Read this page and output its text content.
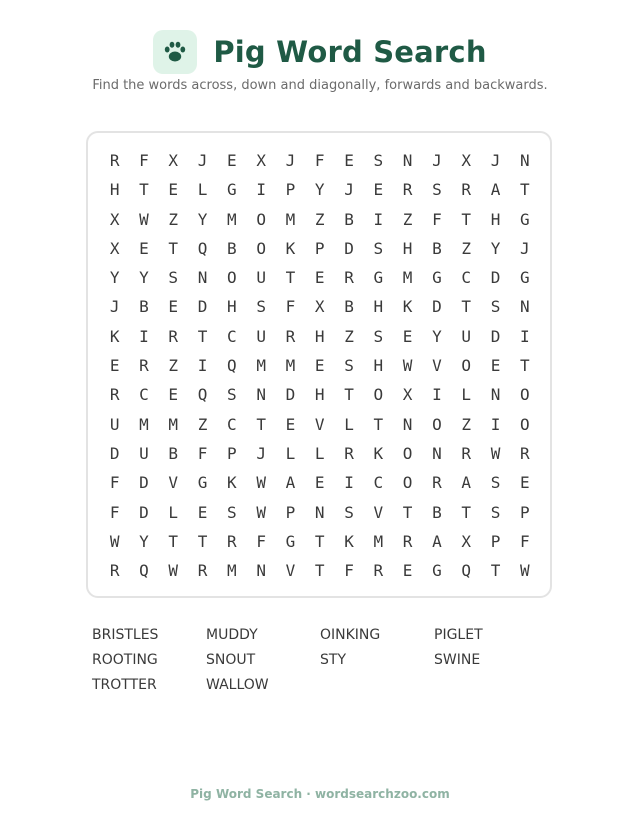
Pig Word Search
Find the words across, down and diagonally, forwards and backwards.
R	F	X	J	E	X	J	F	E	S	N	J	X	J	N
H	T	E	L	G	I	P	Y	J	E	R	S	R	A	T
X	W	Z	Y	M	O	M	Z	B	I	Z	F	T	H	G
X	E	T	Q	B	O	K	P	D	S	H	B	Z	Y	J
Y	Y	S	N	O	U	T	E	R	G	M	G	C	D	G
J	B	E	D	H	S	F	X	B	H	K	D	T	S	N
K	I	R	T	C	U	R	H	Z	S	E	Y	U	D	I
E	R	Z	I	Q	M	M	E	S	H	W	V	O	E	T
R	C	E	Q	S	N	D	H	T	O	X	I	L	N	O
U	M	M	Z	C	T	E	V	L	T	N	O	Z	I	O
D	U	B	F	P	J	L	L	R	K	O	N	R	W	R
F	D	V	G	K	W	A	E	I	C	O	R	A	S	E
F	D	L	E	S	W	P	N	S	V	T	B	T	S	P
W	Y	T	T	R	F	G	T	K	M	R	A	X	P	F
R	Q	W	R	M	N	V	T	F	R	E	G	Q	T	W
BRISTLES	MUDDY	OINKING	PIGLET
ROOTING	SNOUT	STY	SWINE
TROTTER	WALLOW
Pig Word Search · wordsearchzoo.com
